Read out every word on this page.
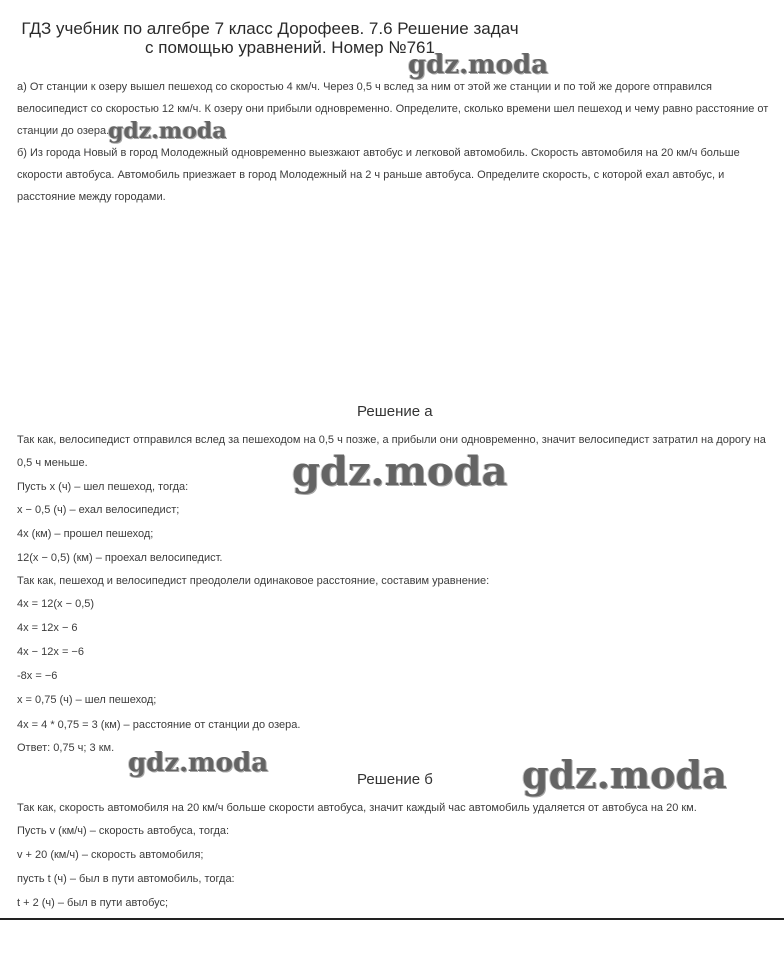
ГДЗ учебник по алгебре 7 класс Дорофеев. 7.6 Решение задач
с помощью уравнений. Номер №761
gdz.moda
gdz.moda
gdz.moda
gdz.moda	gdz.moda
а) От станции к озеру вышел пешеход со скоростью 4 км/ч. Через 0,5 ч вслед за ним от этой же станции и по той же дороге отправился
велосипедист со скоростью 12 км/ч. К озеру они прибыли одновременно. Определите, сколько времени шел пешеход и чему равно расстояние от
станции до озера.
б) Из города Новый в город Молодежный одновременно выезжают автобус и легковой автомобиль. Скорость автомобиля на 20 км/ч больше
скорости автобуса. Автомобиль приезжает в город Молодежный на 2 ч раньше автобуса. Определите скорость, с которой ехал автобус, и
расстояние между городами.
Решение а
Так как, велосипедист отправился вслед за пешеходом на 0,5 ч позже, а прибыли они одновременно, значит велосипедист затратил на дорогу на
0,5 ч меньше.
Пусть x (ч) – шел пешеход, тогда:
x − 0,5 (ч) – ехал велосипедист;
4x (км) – прошел пешеход;
12(x − 0,5) (км) – проехал велосипедист.
Так как, пешеход и велосипедист преодолели одинаковое расстояние, составим уравнение:
4x = 12(x − 0,5)
4x = 12x − 6
4x − 12x = −6
-8x = −6
x = 0,75 (ч) – шел пешеход;
4x = 4 * 0,75 = 3 (км) – расстояние от станции до озера.
Ответ: 0,75 ч; 3 км.
Решение б
Так как, скорость автомобиля на 20 км/ч больше скорости автобуса, значит каждый час автомобиль удаляется от автобуса на 20 км.
Пусть v (км/ч) – скорость автобуса, тогда:
v + 20 (км/ч) – скорость автомобиля;
пусть t (ч) – был в пути автомобиль, тогда:
t + 2 (ч) – был в пути автобус;
